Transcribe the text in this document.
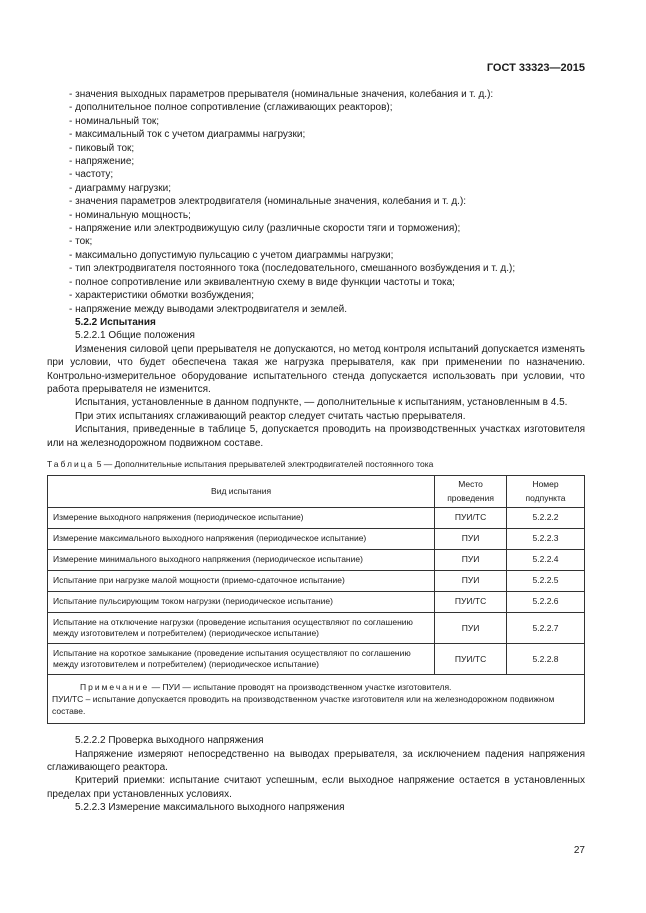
ГОСТ 33323—2015
- значения выходных параметров прерывателя (номинальные значения, колебания и т. д.):
- дополнительное полное сопротивление (сглаживающих реакторов);
- номинальный ток;
- максимальный ток с учетом диаграммы нагрузки;
- пиковый ток;
- напряжение;
- частоту;
- диаграмму нагрузки;
- значения параметров электродвигателя (номинальные значения, колебания и т. д.):
- номинальную мощность;
- напряжение или электродвижущую силу (различные скорости тяги и торможения);
- ток;
- максимально допустимую пульсацию с учетом диаграммы нагрузки;
- тип электродвигателя постоянного тока (последовательного, смешанного возбуждения и т. д.);
- полное сопротивление или эквивалентную схему в виде функции частоты и тока;
- характеристики обмотки возбуждения;
- напряжение между выводами электродвигателя и землей.
5.2.2 Испытания
5.2.2.1 Общие положения
Изменения силовой цепи прерывателя не допускаются, но метод контроля испытаний допускается изменять при условии, что будет обеспечена такая же нагрузка прерывателя, как при применении по назначению. Контрольно-измерительное оборудование испытательного стенда допускается использовать при условии, что работа прерывателя не изменится.
Испытания, установленные в данном подпункте, — дополнительные к испытаниям, установленным в 4.5.
При этих испытаниях сглаживающий реактор следует считать частью прерывателя.
Испытания, приведенные в таблице 5, допускается проводить на производственных участках изготовителя или на железнодорожном подвижном составе.
Таблица 5 — Дополнительные испытания прерывателей электродвигателей постоянного тока
Вид испытания	Место проведения	Номер подпункта
Измерение выходного напряжения (периодическое испытание)	ПУИ/ТС	5.2.2.2
Измерение максимального выходного напряжения (периодическое испытание)	ПУИ	5.2.2.3
Измерение минимального выходного напряжения (периодическое испытание)	ПУИ	5.2.2.4
Испытание при нагрузке малой мощности (приемо-сдаточное испытание)	ПУИ	5.2.2.5
Испытание пульсирующим током нагрузки (периодическое испытание)	ПУИ/ТС	5.2.2.6
Испытание на отключение нагрузки (проведение испытания осуществляют по соглашению между изготовителем и потребителем) (периодическое испытание)	ПУИ	5.2.2.7
Испытание на короткое замыкание (проведение испытания осуществляют по соглашению между изготовителем и потребителем) (периодическое испытание)	ПУИ/ТС	5.2.2.8

Примечание — ПУИ — испытание проводят на производственном участке изготовителя.
ПУИ/ТС – испытание допускается проводить на производственном участке изготовителя или на железнодорожном подвижном составе.		
5.2.2.2 Проверка выходного напряжения
Напряжение измеряют непосредственно на выводах прерывателя, за исключением падения напряжения сглаживающего реактора.
Критерий приемки: испытание считают успешным, если выходное напряжение остается в установленных пределах при установленных условиях.
5.2.2.3 Измерение максимального выходного напряжения
27
